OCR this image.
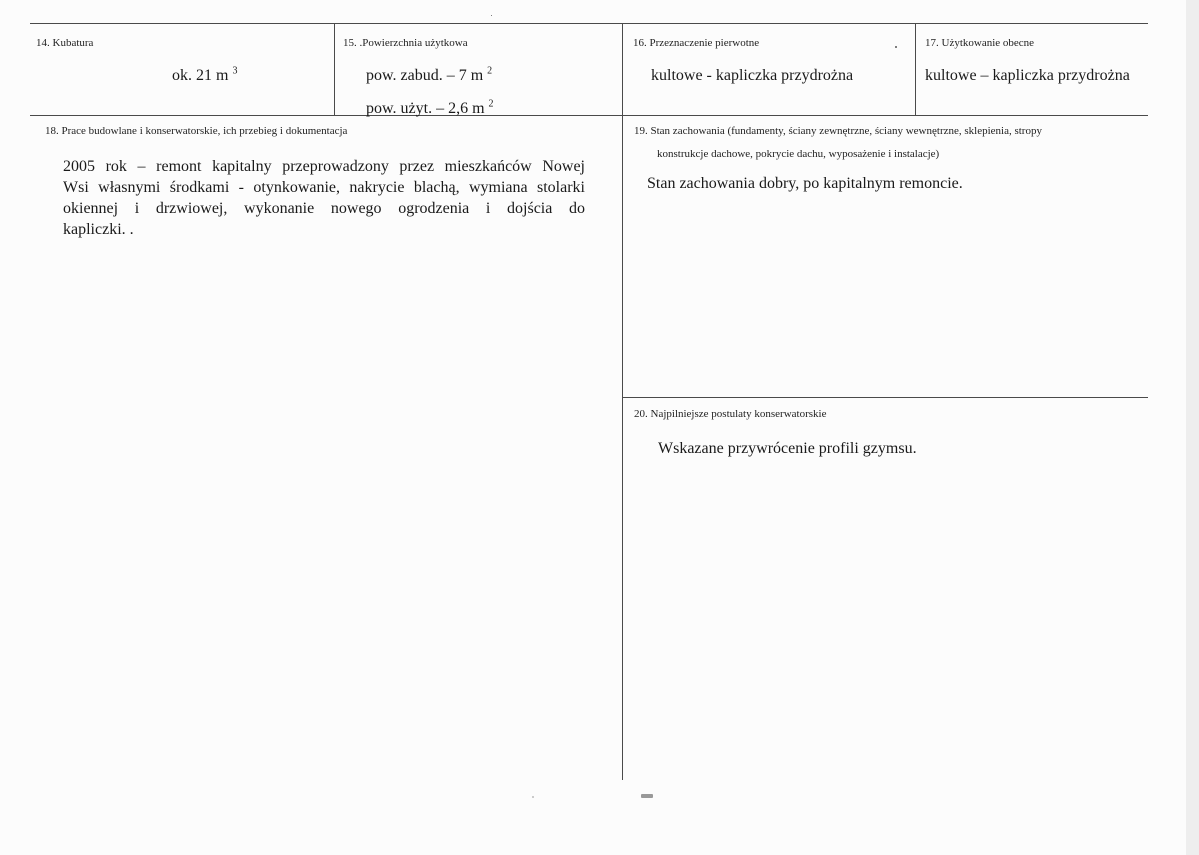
14. Kubatura
ok. 21 m $^3$
15. .Powierzchnia użytkowa
pow. zabud. – 7 m $^2$
pow. użyt. – 2,6 m $^2$
16. Przeznaczenie pierwotne
kultowe - kapliczka przydrożna
17. Użytkowanie obecne
kultowe – kapliczka przydrożna
18. Prace budowlane i konserwatorskie, ich przebieg i dokumentacja
2005 rok – remont kapitalny przeprowadzony przez mieszkańców Nowej
Wsi własnymi środkami - otynkowanie, nakrycie blachą, wymiana stolarki
okiennej i drzwiowej, wykonanie nowego ogrodzenia i dojścia do
kapliczki. .
19. Stan zachowania (fundamenty, ściany zewnętrzne, ściany wewnętrzne, sklepienia, stropy
konstrukcje dachowe, pokrycie dachu, wyposażenie i instalacje)
Stan zachowania dobry, po kapitalnym remoncie.
20. Najpilniejsze postulaty konserwatorskie
Wskazane przywrócenie profili gzymsu.
